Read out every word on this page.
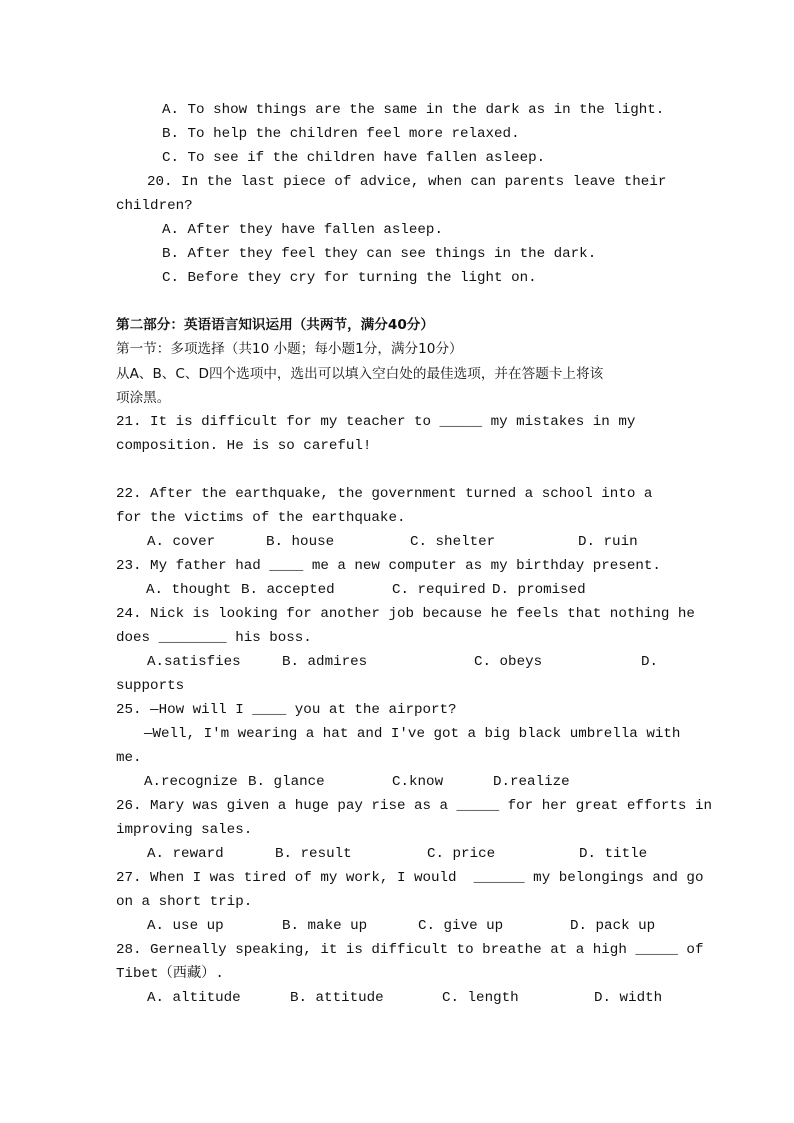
A. To show things are the same in the dark as in the light.
B. To help the children feel more relaxed.
C. To see if the children have fallen asleep.
20. In the last piece of advice, when can parents leave their
children?
A. After they have fallen asleep.
B. After they feel they can see things in the dark.
C. Before they cry for turning the light on.
第二部分：英语语言知识运用（共两节，满分40分）
第一节：多项选择（共10 小题；每小题1分，满分10分）
从A、B、C、D四个选项中，选出可以填入空白处的最佳选项，并在答题卡上将该
项涂黑。
21. It is difficult for my teacher to _____ my mistakes in my
composition. He is so careful!
22. After the earthquake, the government turned a school into a
for the victims of the earthquake.
A. cover	B. house	C. shelter	D. ruin
23. My father had ____ me a new computer as my birthday present.
A. thought B. accepted	C. required D. promised
24. Nick is looking for another job because he feels that nothing he
does ________ his boss.
A.satisfies	B. admires	C. obeys	D.
supports
25. —How will I ____ you at the airport?
—Well, I'm wearing a hat and I've got a big black umbrella with
me.
A.recognize B. glance	C.know	D.realize
26. Mary was given a huge pay rise as a _____ for her great efforts in
improving sales.
A. reward	B. result	C. price	D. title
27. When I was tired of my work, I would  ______ my belongings and go
on a short trip.
A. use up	B. make up	C. give up	D. pack up
28. Gerneally speaking, it is difficult to breathe at a high _____ of
Tibet（西藏）.
A. altitude	B. attitude	C. length	D. width
